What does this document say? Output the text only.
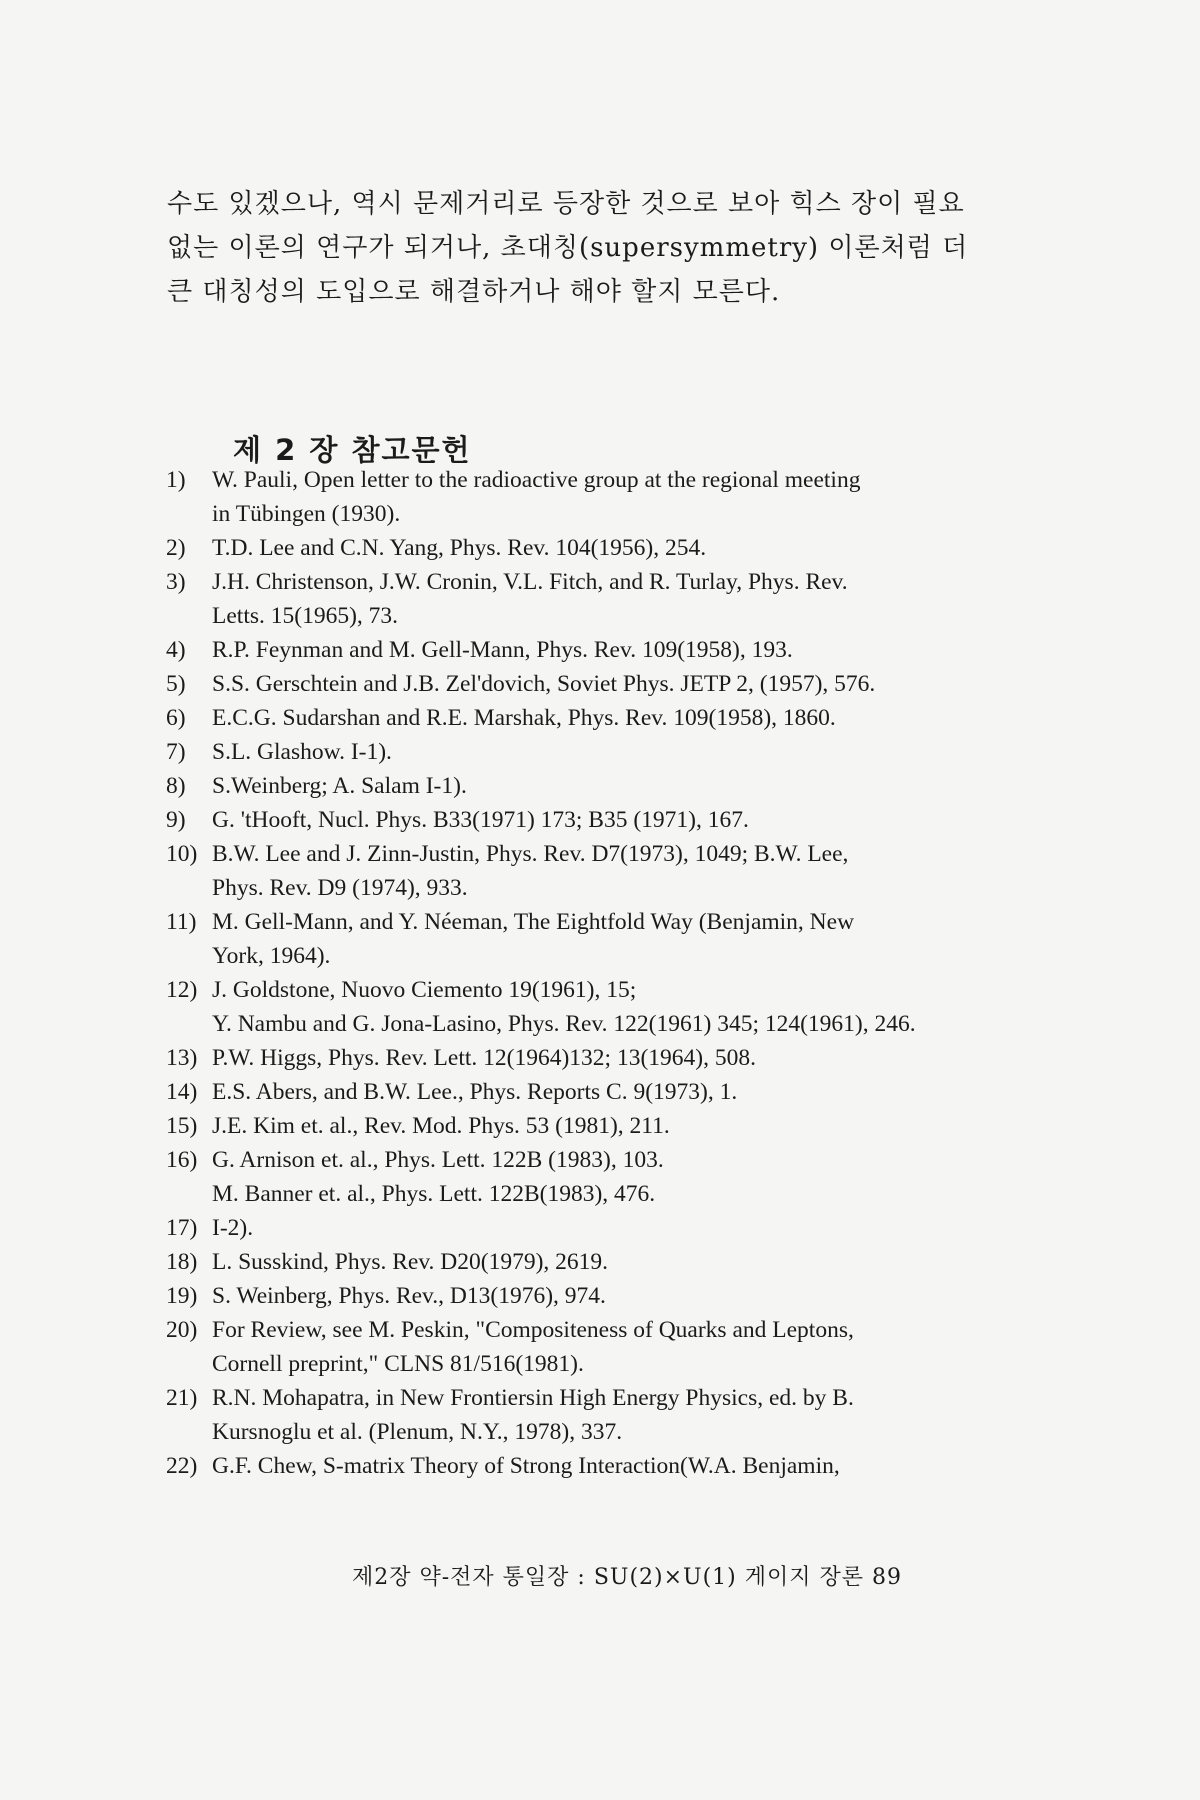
수도 있겠으나, 역시 문제거리로 등장한 것으로 보아 힉스 장이 필요

없는 이론의 연구가 되거나, 초대칭(supersymmetry) 이론처럼 더

큰 대칭성의 도입으로 해결하거나 해야 할지 모른다.

제 2 장 참고문헌
1)	W. Pauli, Open letter to the radioactive group at the regional meeting
in Tübingen (1930).
2)	T.D. Lee and C.N. Yang, Phys. Rev. 104(1956), 254.
3)	J.H. Christenson, J.W. Cronin, V.L. Fitch, and R. Turlay, Phys. Rev.
Letts. 15(1965), 73.
4)	R.P. Feynman and M. Gell-Mann, Phys. Rev. 109(1958), 193.
5)	S.S. Gerschtein and J.B. Zel'dovich, Soviet Phys. JETP 2, (1957), 576.
6)	E.C.G. Sudarshan and R.E. Marshak, Phys. Rev. 109(1958), 1860.
7)	S.L. Glashow. I-1).
8)	S.Weinberg; A. Salam I-1).
9)	G. 'tHooft, Nucl. Phys. B33(1971) 173; B35 (1971), 167.
10) B.W. Lee and J. Zinn-Justin, Phys. Rev. D7(1973), 1049; B.W. Lee,
Phys. Rev. D9 (1974), 933.
11) M. Gell-Mann, and Y. Néeman, The Eightfold Way (Benjamin, New
York, 1964).
12) J. Goldstone, Nuovo Ciemento 19(1961), 15;
Y. Nambu and G. Jona-Lasino, Phys. Rev. 122(1961) 345; 124(1961), 246.
13) P.W. Higgs, Phys. Rev. Lett. 12(1964)132; 13(1964), 508.
14) E.S. Abers, and B.W. Lee., Phys. Reports C. 9(1973), 1.
15) J.E. Kim et. al., Rev. Mod. Phys. 53 (1981), 211.
16) G. Arnison et. al., Phys. Lett. 122B (1983), 103.
M. Banner et. al., Phys. Lett. 122B(1983), 476.
17) I-2).
18) L. Susskind, Phys. Rev. D20(1979), 2619.
19) S. Weinberg, Phys. Rev., D13(1976), 974.
20) For Review, see M. Peskin, "Compositeness of Quarks and Leptons,
Cornell preprint," CLNS 81/516(1981).
21) R.N. Mohapatra, in New Frontiersin High Energy Physics, ed. by B.
Kursnoglu et al. (Plenum, N.Y., 1978), 337.
22) G.F. Chew, S-matrix Theory of Strong Interaction(W.A. Benjamin,
제2장 약-전자 통일장 : SU(2)×U(1) 게이지 장론 89
